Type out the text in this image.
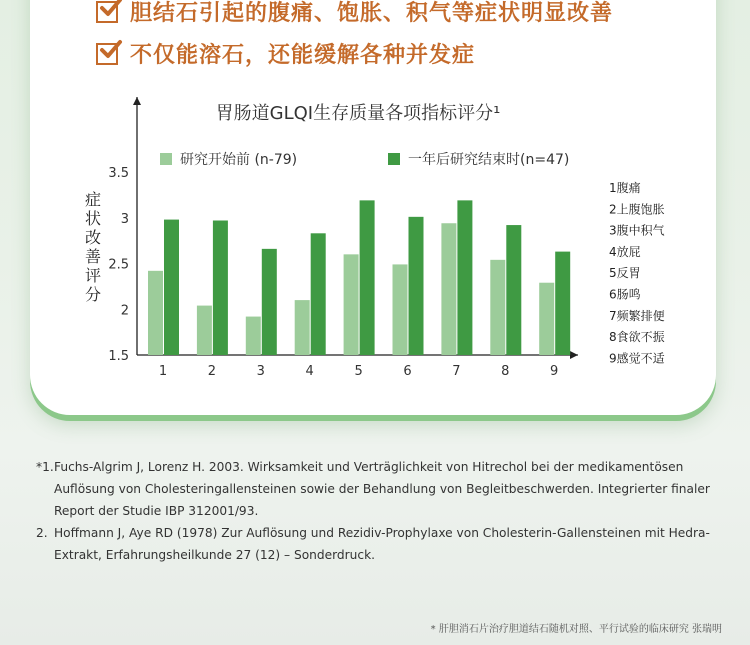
胆结石引起的腹痛、饱胀、积气等症状明显改善
不仅能溶石，还能缓解各种并发症
胃肠道GLQI生存质量各项指标评分¹
1.5
2
2.5
3
3.5
症
状
改
善
评
分
研究开始前 (n-79)	一年后研究结束时(n=47)
1	2	3	4	5	6	7	8	9
1腹痛
2上腹饱胀
3腹中积气
4放屁
5反胃
6肠鸣
7频繁排便
8食欲不振
9感觉不适
*1. Fuchs-Algrim J, Lorenz H. 2003. Wirksamkeit und Verträglichkeit von Hitrechol bei der medikamentösen Auflösung von Cholesteringallensteinen sowie der Behandlung von Begleitbeschwerden. Integrierter finaler Report der Studie IBP 312001/93.
2. Hoffmann J, Aye RD (1978) Zur Auflösung und Rezidiv-Prophylaxe von Cholesterin-Gallensteinen mit Hedra-Extrakt, Erfahrungsheilkunde 27 (12) – Sonderdruck.
* 肝胆消石片治疗胆道结石随机对照、平行试验的临床研究 张瑞明
